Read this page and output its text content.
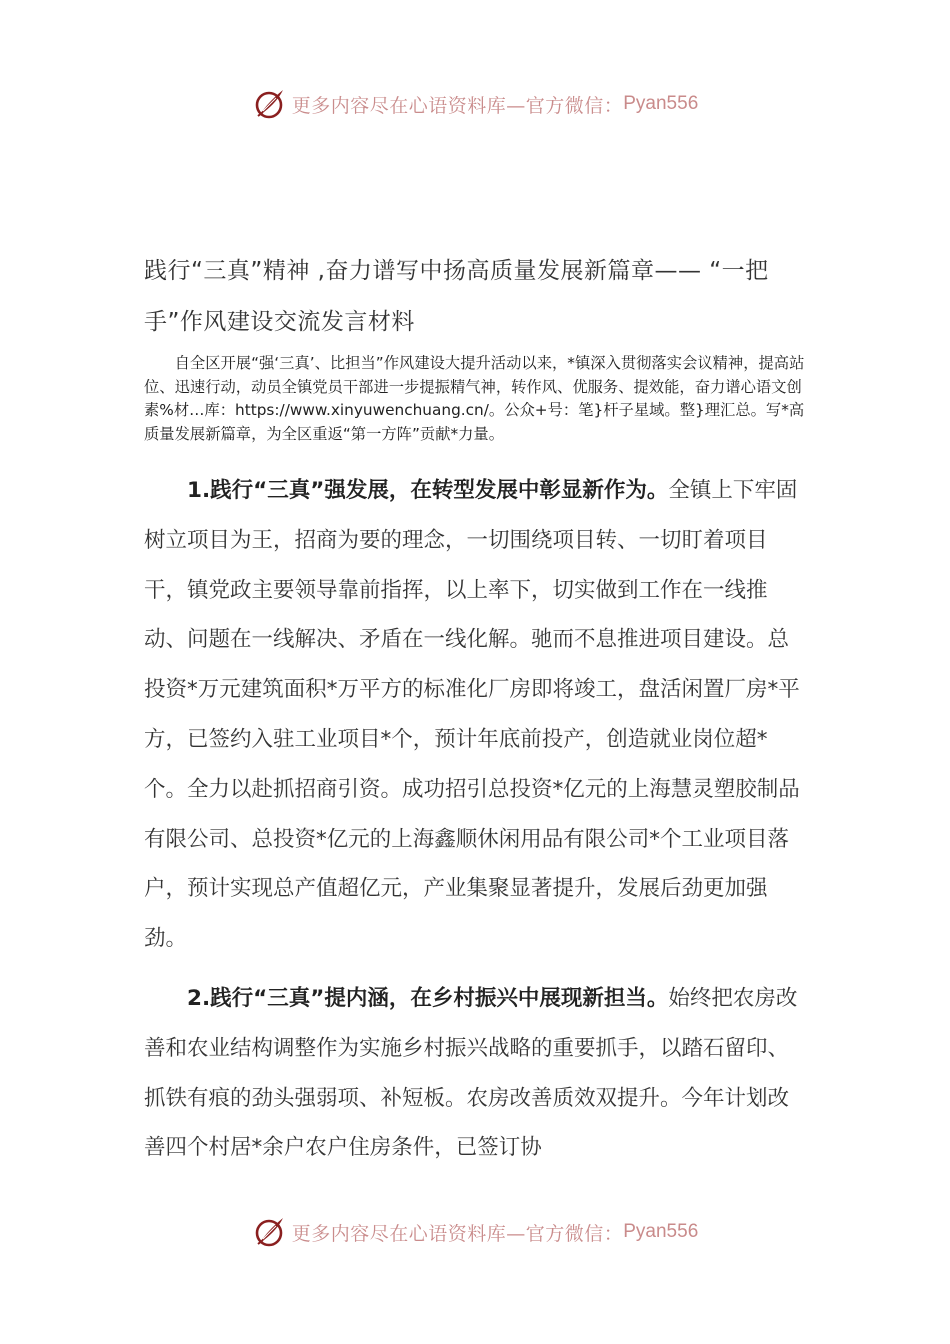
更多内容尽在心语资料库—官方微信： Pyan556
践行“三真”精神 ,奋力谱写中扬高质量发展新篇章—— “一把手”作风建设交流发言材料

自全区开展“强‘三真’、比担当”作风建设大提升活动以来，*镇深入贯彻落实会议精神，提高站位、迅速行动，动员全镇党员干部进一步提振精气神，转作风、优服务、提效能，奋力谱心语文创素%材…库：https://www.xinyuwenchuang.cn/。公众+号：笔}杆子星域。整}理汇总。写*高质量发展新篇章，为全区重返“第一方阵”贡献*力量。

1.践行“三真”强发展，在转型发展中彰显新作为。全镇上下牢固树立项目为王，招商为要的理念，一切围绕项目转、一切盯着项目干，镇党政主要领导靠前指挥，以上率下，切实做到工作在一线推动、问题在一线解决、矛盾在一线化解。驰而不息推进项目建设。总投资*万元建筑面积*万平方的标准化厂房即将竣工，盘活闲置厂房*平方，已签约入驻工业项目*个，预计年底前投产，创造就业岗位超*个。全力以赴抓招商引资。成功招引总投资*亿元的上海慧灵塑胶制品有限公司、总投资*亿元的上海鑫顺休闲用品有限公司*个工业项目落户，预计实现总产值超亿元，产业集聚显著提升，发展后劲更加强劲。

2.践行“三真”提内涵，在乡村振兴中展现新担当。始终把农房改善和农业结构调整作为实施乡村振兴战略的重要抓手，以踏石留印、抓铁有痕的劲头强弱项、补短板。农房改善质效双提升。今年计划改善四个村居*余户农户住房条件，已签订协

更多内容尽在心语资料库—官方微信： Pyan556
